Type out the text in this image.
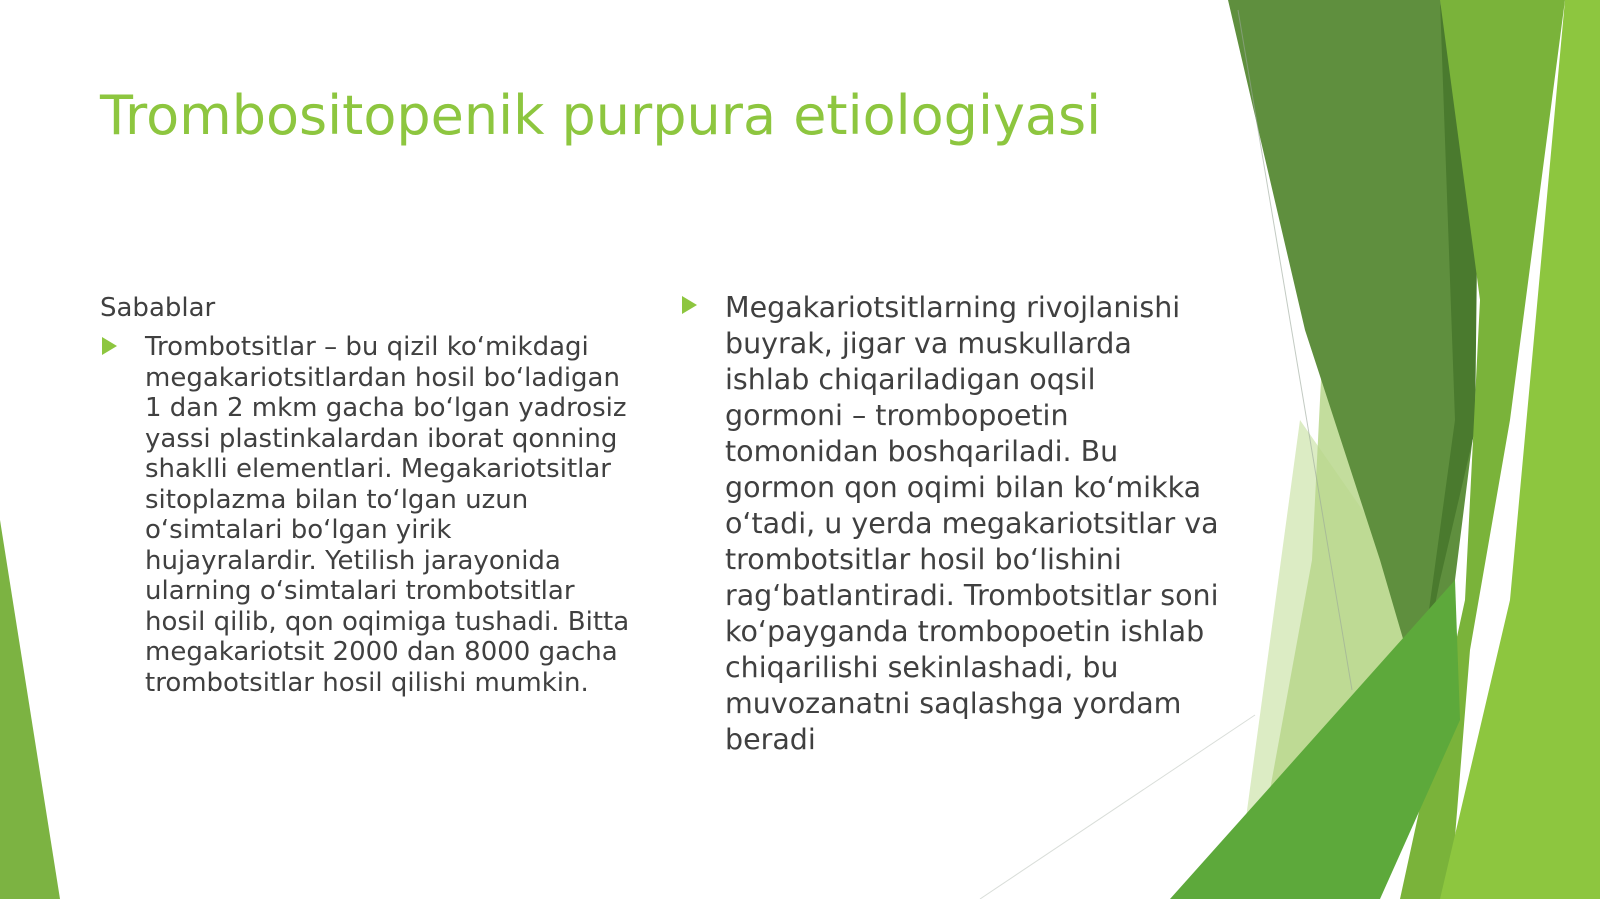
Trombositopenik purpura etiologiyasi
Sabablar
Trombotsitlar – bu qizil ko‘mikdagi megakariotsitlardan hosil bo‘ladigan 1 dan 2 mkm gacha bo‘lgan yadrosiz yassi plastinkalardan iborat qonning shaklli elementlari. Megakariotsitlar sitoplazma bilan to‘lgan uzun o‘simtalari bo‘lgan yirik hujayralardir. Yetilish jarayonida ularning o‘simtalari trombotsitlar hosil qilib, qon oqimiga tushadi. Bitta megakariotsit 2000 dan 8000 gacha trombotsitlar hosil qilishi mumkin.
Megakariotsitlarning rivojlanishi buyrak, jigar va muskullarda ishlab chiqariladigan oqsil gormoni – trombopoetin tomonidan boshqariladi. Bu gormon qon oqimi bilan ko‘mikka o‘tadi, u yerda megakariotsitlar va trombotsitlar hosil bo‘lishini rag‘batlantiradi. Trombotsitlar soni ko‘payganda trombopoetin ishlab chiqarilishi sekinlashadi, bu muvozanatni saqlashga yordam beradi
